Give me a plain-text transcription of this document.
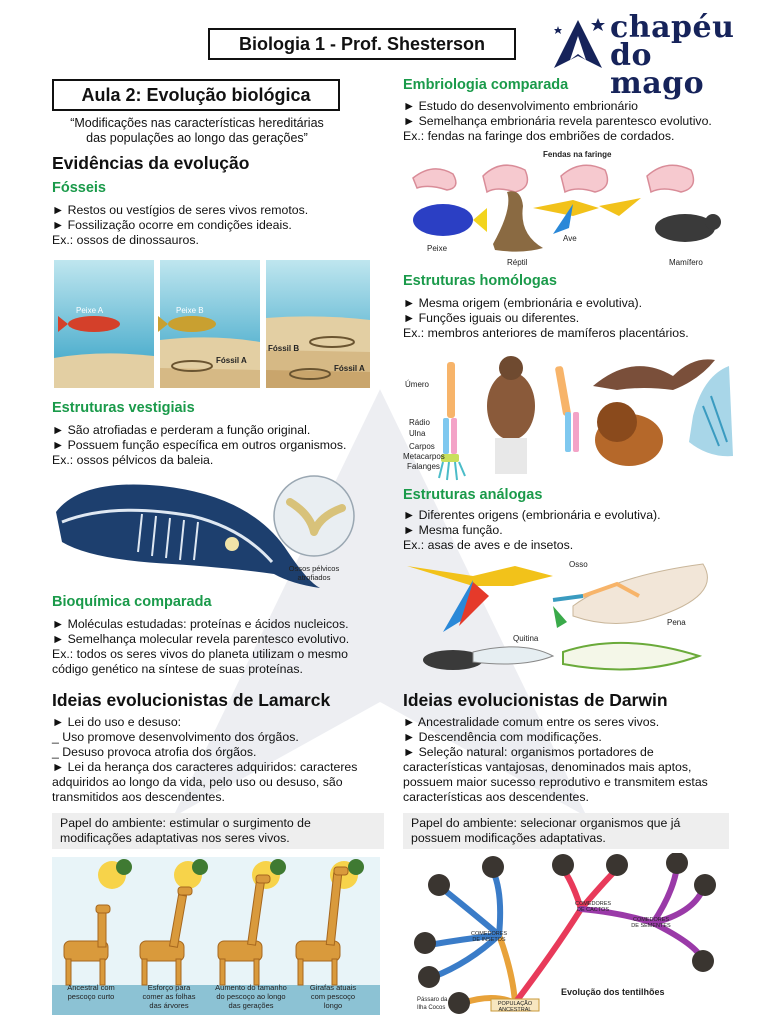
Biologia 1 - Prof. Shesterson	chapéu
do mago
Aula 2: Evolução biológica
“Modificações nas características hereditárias
das populações ao longo das gerações”
Evidências da evolução
Fósseis
► Restos ou vestígios de seres vivos remotos.
► Fossilização ocorre em condições ideais.
Ex.: ossos de dinossauros.
Peixe A	Peixe B
Fóssil A
Fóssil B
Fóssil A
Estruturas vestigiais
► São atrofiadas e perderam a função original.
► Possuem função específica em outros organismos.
Ex.: ossos pélvicos da baleia.
Ossos pélvicos
atrofiados
Bioquímica comparada
► Moléculas estudadas: proteínas e ácidos nucleicos.
► Semelhança molecular revela parentesco evolutivo.
Ex.: todos os seres vivos do planeta utilizam o mesmo
código genético na síntese de suas proteínas.
Ideias evolucionistas de Lamarck
► Lei do uso e desuso:
_ Uso promove desenvolvimento dos órgãos.
_ Desuso provoca atrofia dos órgãos.
► Lei da herança dos caracteres adquiridos: caracteres
adquiridos ao longo da vida, pelo uso ou desuso, são
transmitidos aos descendentes.
Papel do ambiente: estimular o surgimento de
modificações adaptativas nos seres vivos.
Ancestral com
pescoço curto
Esforço para
comer as folhas
das árvores
Aumento do tamanho
do pescoço ao longo
das gerações
Girafas atuais
com pescoço
longo
Embriologia comparada
► Estudo do desenvolvimento embrionário
► Semelhança embrionária revela parentesco evolutivo.
Ex.: fendas na faringe dos embriões de cordados.
Fendas na faringe
Peixe
Réptil
Ave
Mamífero
Estruturas homólogas
► Mesma origem (embrionária e evolutiva).
► Funções iguais ou diferentes.
Ex.: membros anteriores de mamíferos placentários.
Úmero
Rádio
Ulna
Carpos
Metacarpos
Falanges
Estruturas análogas
► Diferentes origens (embrionária e evolutiva).
► Mesma função.
Ex.: asas de aves e de insetos.
Osso
Pena
Quitina
Ideias evolucionistas de Darwin
► Ancestralidade comum entre os seres vivos.
► Descendência com modificações.
► Seleção natural: organismos portadores de
características vantajosas, denominados mais aptos,
possuem maior sucesso reprodutivo e transmitem estas
características aos descendentes.
Papel do ambiente: selecionar organismos que já
possuem modificações adaptativas.
COMEDORES DE INSETOS
COMEDORES DE CACTOS
COMEDORES DE SEMENTES
POPULAÇÃO ANCESTRAL
Pássaro da
Ilha Cocos
Evolução dos tentilhões
